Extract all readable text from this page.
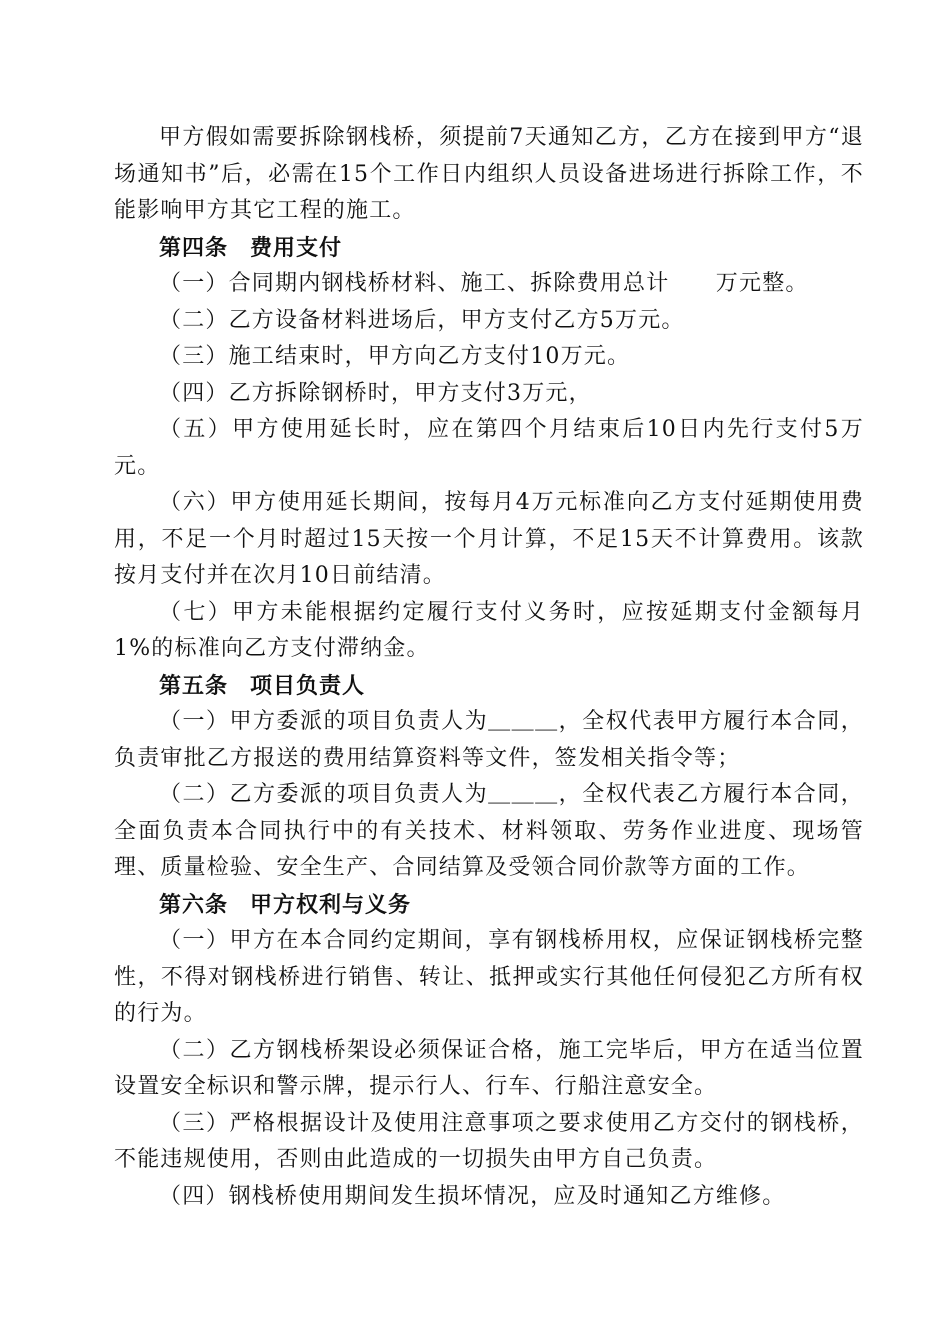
甲方假如需要拆除钢栈桥，须提前7天通知乙方，乙方在接到甲方“退场通知书”后，必需在15个工作日内组织人员设备进场进行拆除工作，不能影响甲方其它工程的施工。

第四条 费用支付

（一）合同期内钢栈桥材料、施工、拆除费用总计　　万元整。

（二）乙方设备材料进场后，甲方支付乙方5万元。

（三）施工结束时，甲方向乙方支付10万元。

（四）乙方拆除钢桥时，甲方支付3万元，

（五）甲方使用延长时，应在第四个月结束后10日内先行支付5万元。

（六）甲方使用延长期间，按每月4万元标准向乙方支付延期使用费用，不足一个月时超过15天按一个月计算，不足15天不计算费用。该款按月支付并在次月10日前结清。

（七）甲方未能根据约定履行支付义务时，应按延期支付金额每月1%的标准向乙方支付滞纳金。

第五条 项目负责人

（一）甲方委派的项目负责人为＿＿＿，全权代表甲方履行本合同，负责审批乙方报送的费用结算资料等文件，签发相关指令等；

（二）乙方委派的项目负责人为＿＿＿，全权代表乙方履行本合同，全面负责本合同执行中的有关技术、材料领取、劳务作业进度、现场管理、质量检验、安全生产、合同结算及受领合同价款等方面的工作。

第六条 甲方权利与义务

（一）甲方在本合同约定期间，享有钢栈桥用权，应保证钢栈桥完整性，不得对钢栈桥进行销售、转让、抵押或实行其他任何侵犯乙方所有权的行为。

（二）乙方钢栈桥架设必须保证合格，施工完毕后，甲方在适当位置设置安全标识和警示牌，提示行人、行车、行船注意安全。

（三）严格根据设计及使用注意事项之要求使用乙方交付的钢栈桥，不能违规使用，否则由此造成的一切损失由甲方自己负责。

（四）钢栈桥使用期间发生损坏情况，应及时通知乙方维修。
